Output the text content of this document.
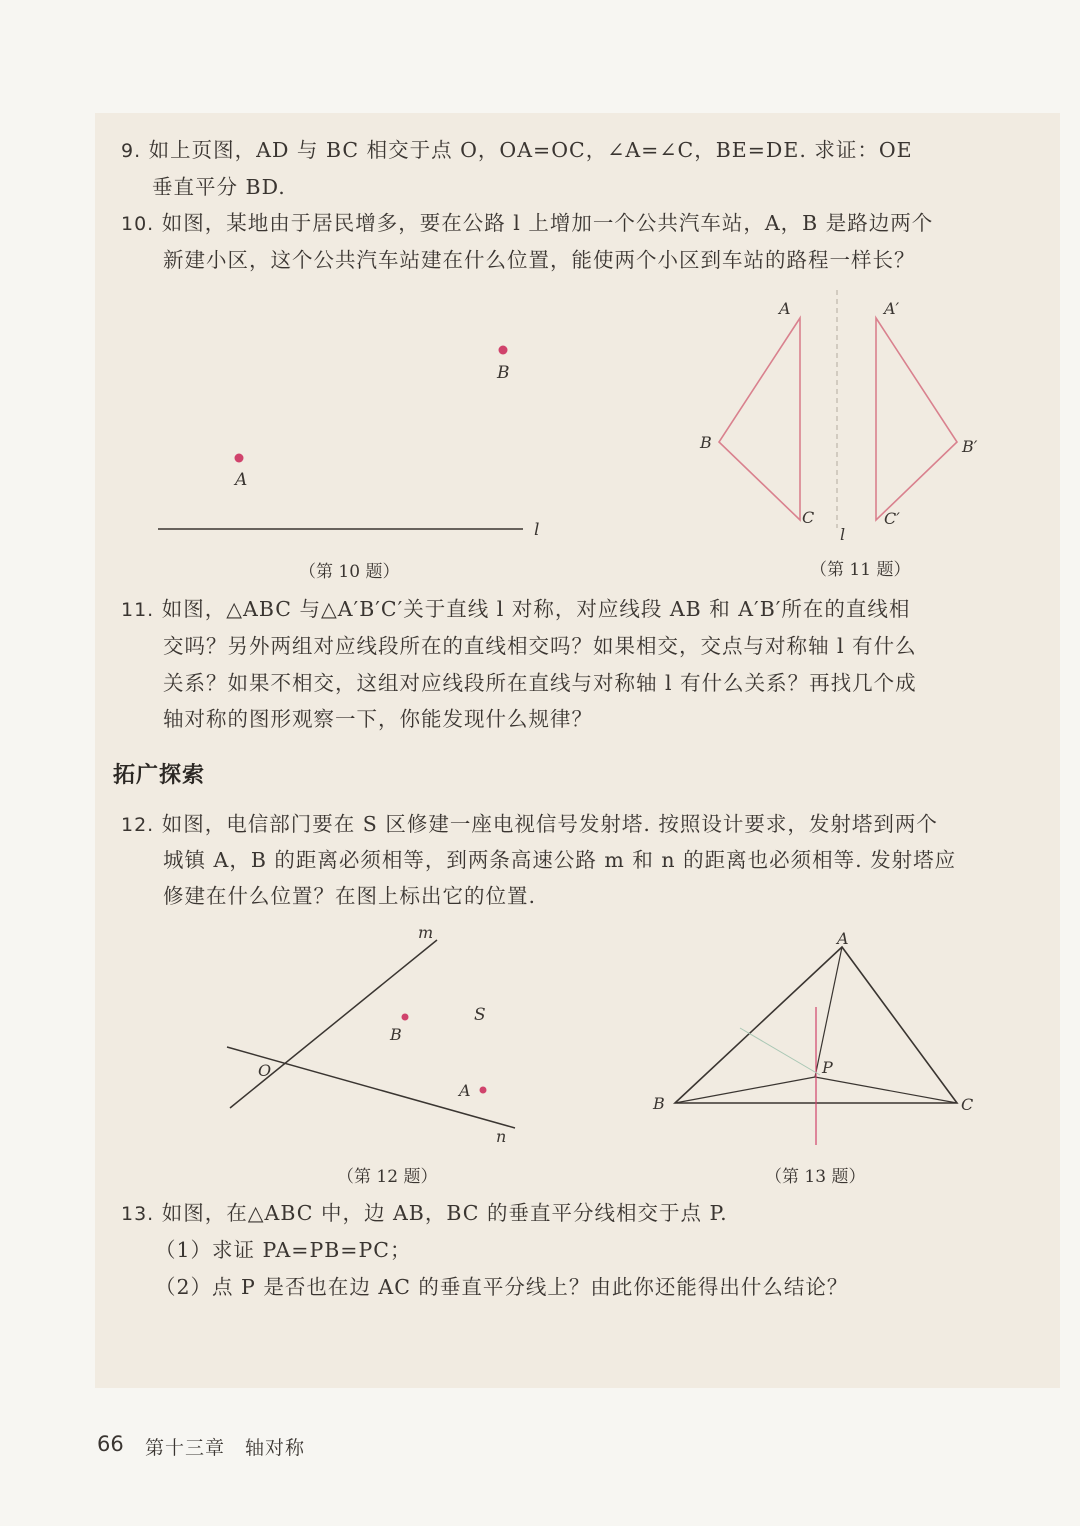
9. 如上页图，AD 与 BC 相交于点 O，OA=OC，∠A=∠C，BE=DE. 求证：OE
垂直平分 BD.
10. 如图，某地由于居民增多，要在公路 l 上增加一个公共汽车站，A，B 是路边两个
新建小区，这个公共汽车站建在什么位置，能使两个小区到车站的路程一样长？
B
A
l
（第 10 题）
A
B
C
A′
B′
C′
l
（第 11 题）
11. 如图，△ABC 与△A′B′C′关于直线 l 对称，对应线段 AB 和 A′B′所在的直线相
交吗？另外两组对应线段所在的直线相交吗？如果相交，交点与对称轴 l 有什么
关系？如果不相交，这组对应线段所在直线与对称轴 l 有什么关系？再找几个成
轴对称的图形观察一下，你能发现什么规律？
拓广探索
12. 如图，电信部门要在 S 区修建一座电视信号发射塔. 按照设计要求，发射塔到两个
城镇 A，B 的距离必须相等，到两条高速公路 m 和 n 的距离也必须相等. 发射塔应
修建在什么位置？在图上标出它的位置.
m
n
O
B
A
S
（第 12 题）
A
B	C
P
（第 13 题）
13. 如图，在△ABC 中，边 AB，BC 的垂直平分线相交于点 P.
（1）求证 PA=PB=PC；
（2）点 P 是否也在边 AC 的垂直平分线上？由此你还能得出什么结论？
66 第十三章　轴对称
